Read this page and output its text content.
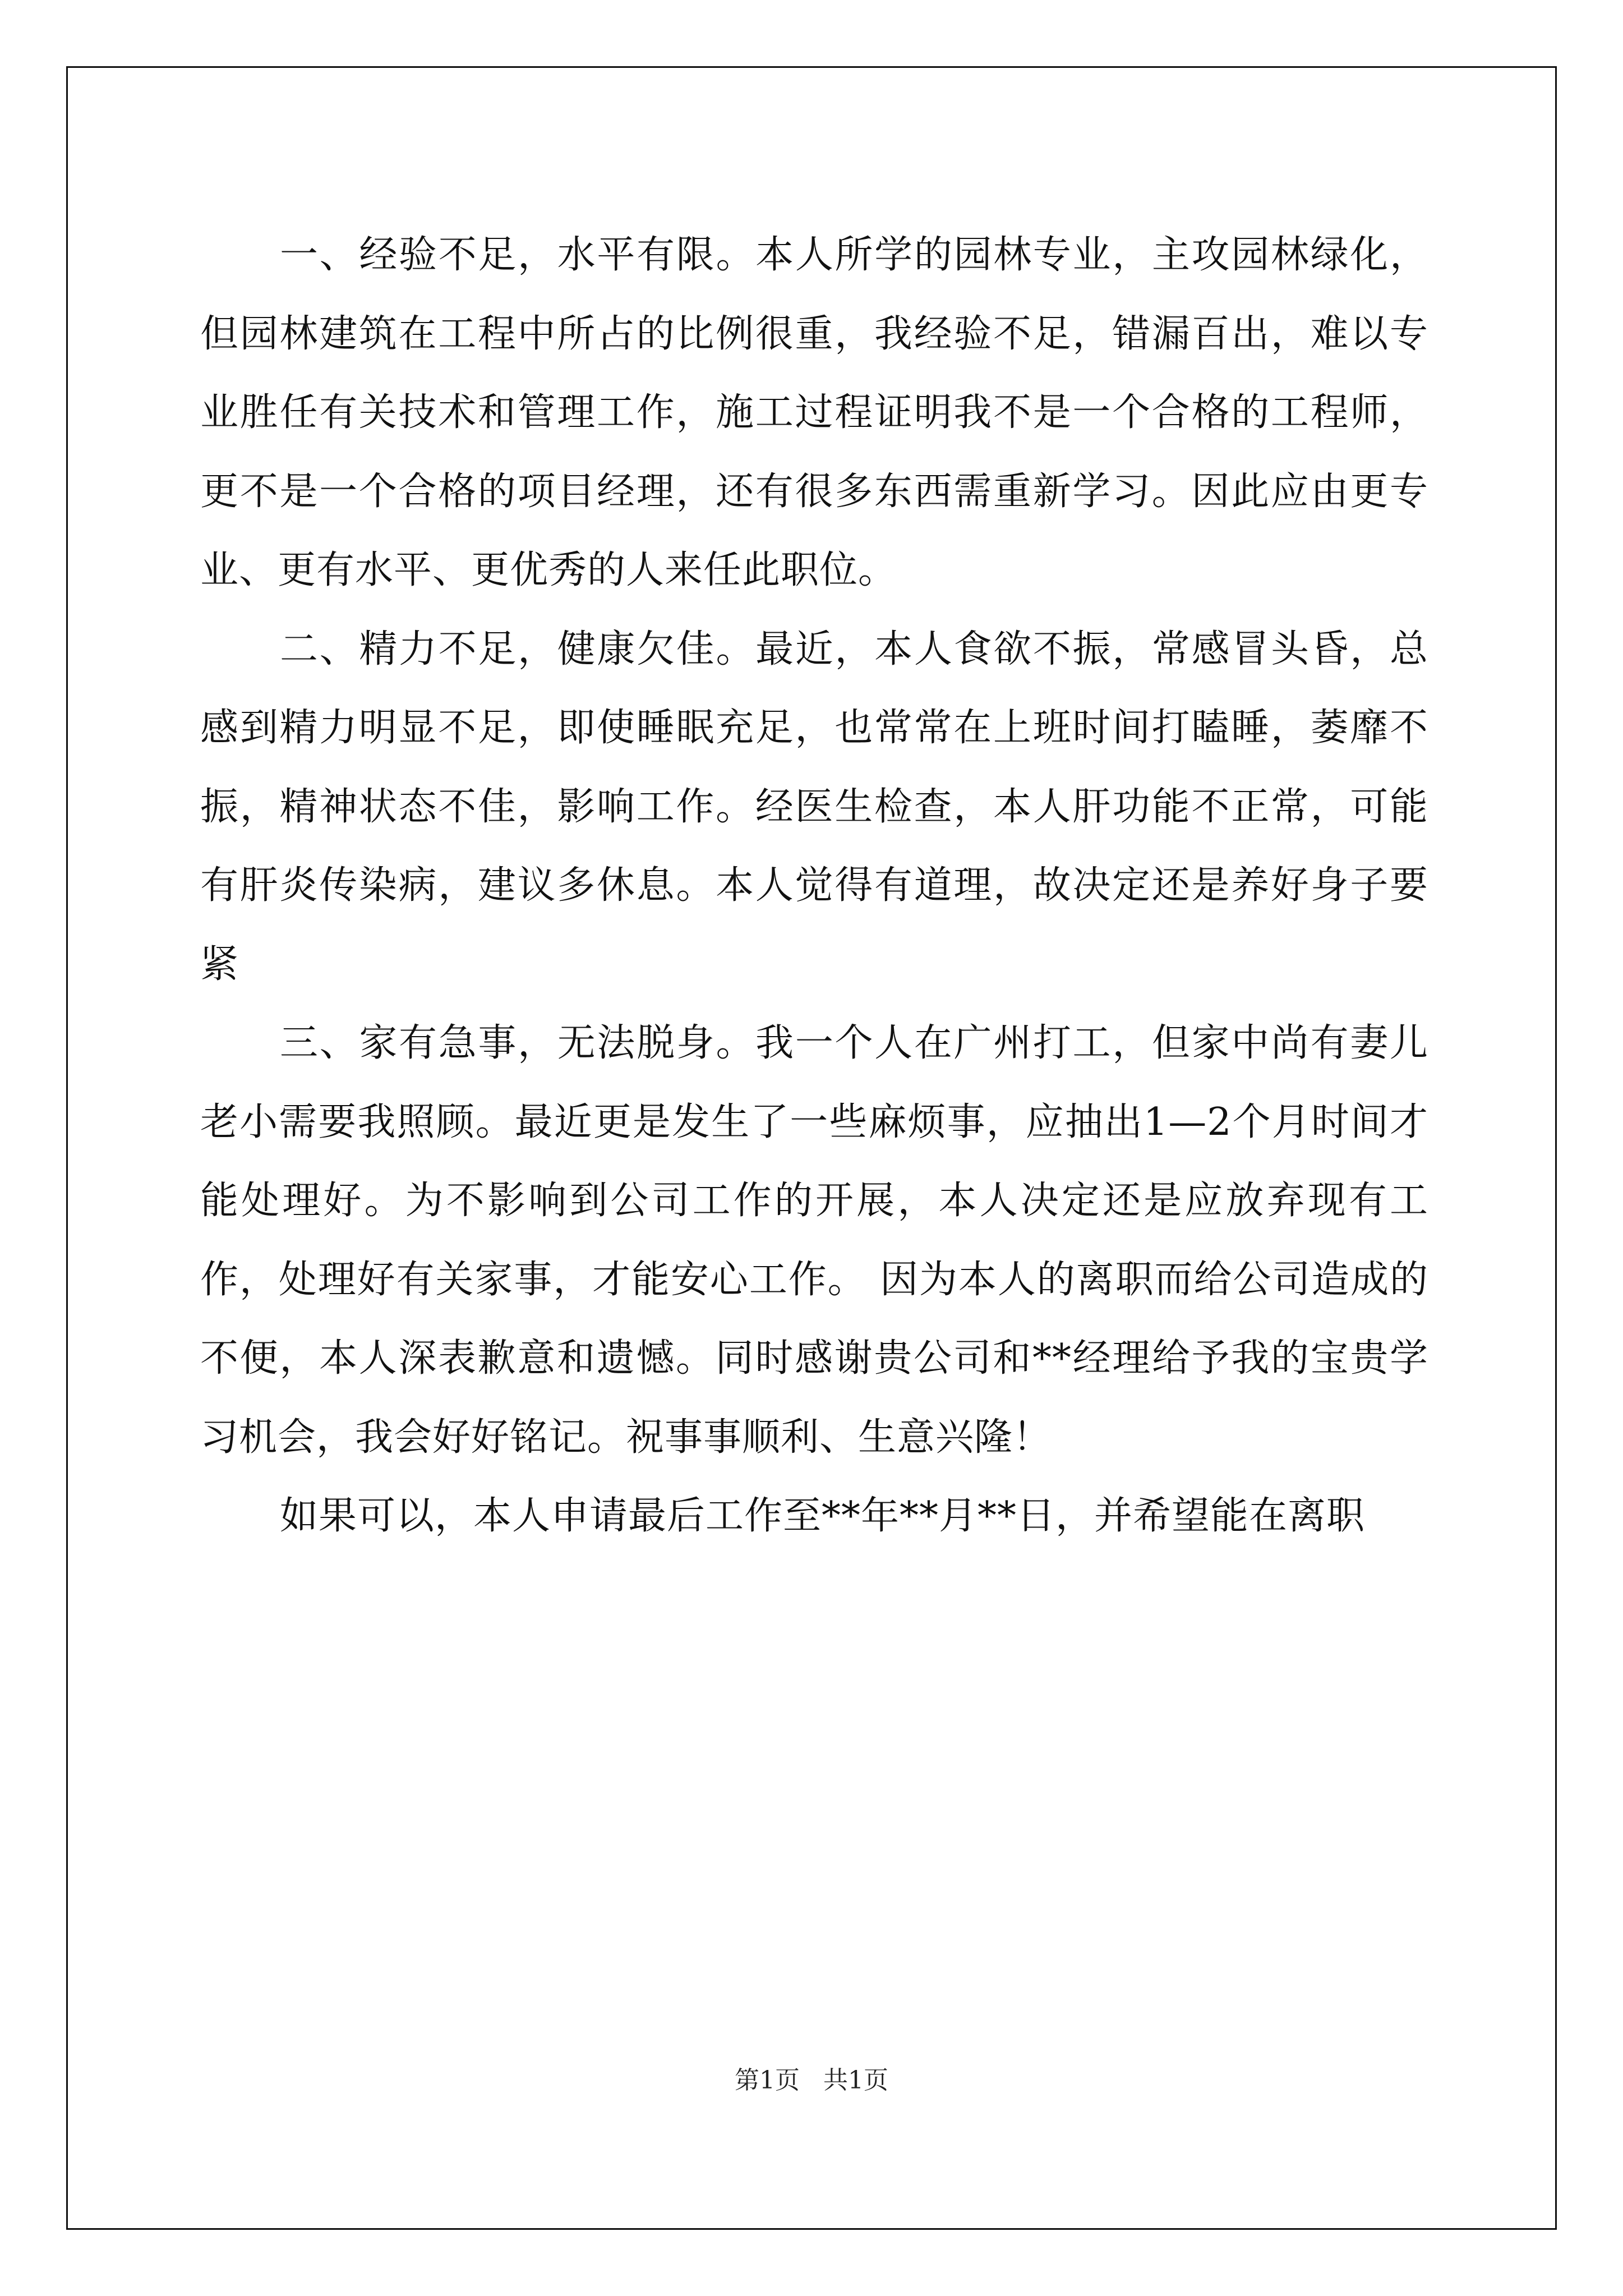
一、经验不足，水平有限。本人所学的园林专业，主攻园林绿化，但园林建筑在工程中所占的比例很重，我经验不足，错漏百出，难以专业胜任有关技术和管理工作，施工过程证明我不是一个合格的工程师，更不是一个合格的项目经理，还有很多东西需重新学习。因此应由更专业、更有水平、更优秀的人来任此职位。

二、精力不足，健康欠佳。最近，本人食欲不振，常感冒头昏，总感到精力明显不足，即使睡眠充足，也常常在上班时间打瞌睡，萎靡不振，精神状态不佳，影响工作。经医生检查，本人肝功能不正常，可能有肝炎传染病，建议多休息。本人觉得有道理，故决定还是养好身子要紧

三、家有急事，无法脱身。我一个人在广州打工，但家中尚有妻儿老小需要我照顾。最近更是发生了一些麻烦事，应抽出1—2个月时间才能处理好。为不影响到公司工作的开展，本人决定还是应放弃现有工作，处理好有关家事，才能安心工作。 因为本人的离职而给公司造成的不便，本人深表歉意和遗憾。同时感谢贵公司和**经理给予我的宝贵学习机会，我会好好铭记。祝事事顺利、生意兴隆！

如果可以，本人申请最后工作至**年**月**日，并希望能在离职

第1页   共1页
